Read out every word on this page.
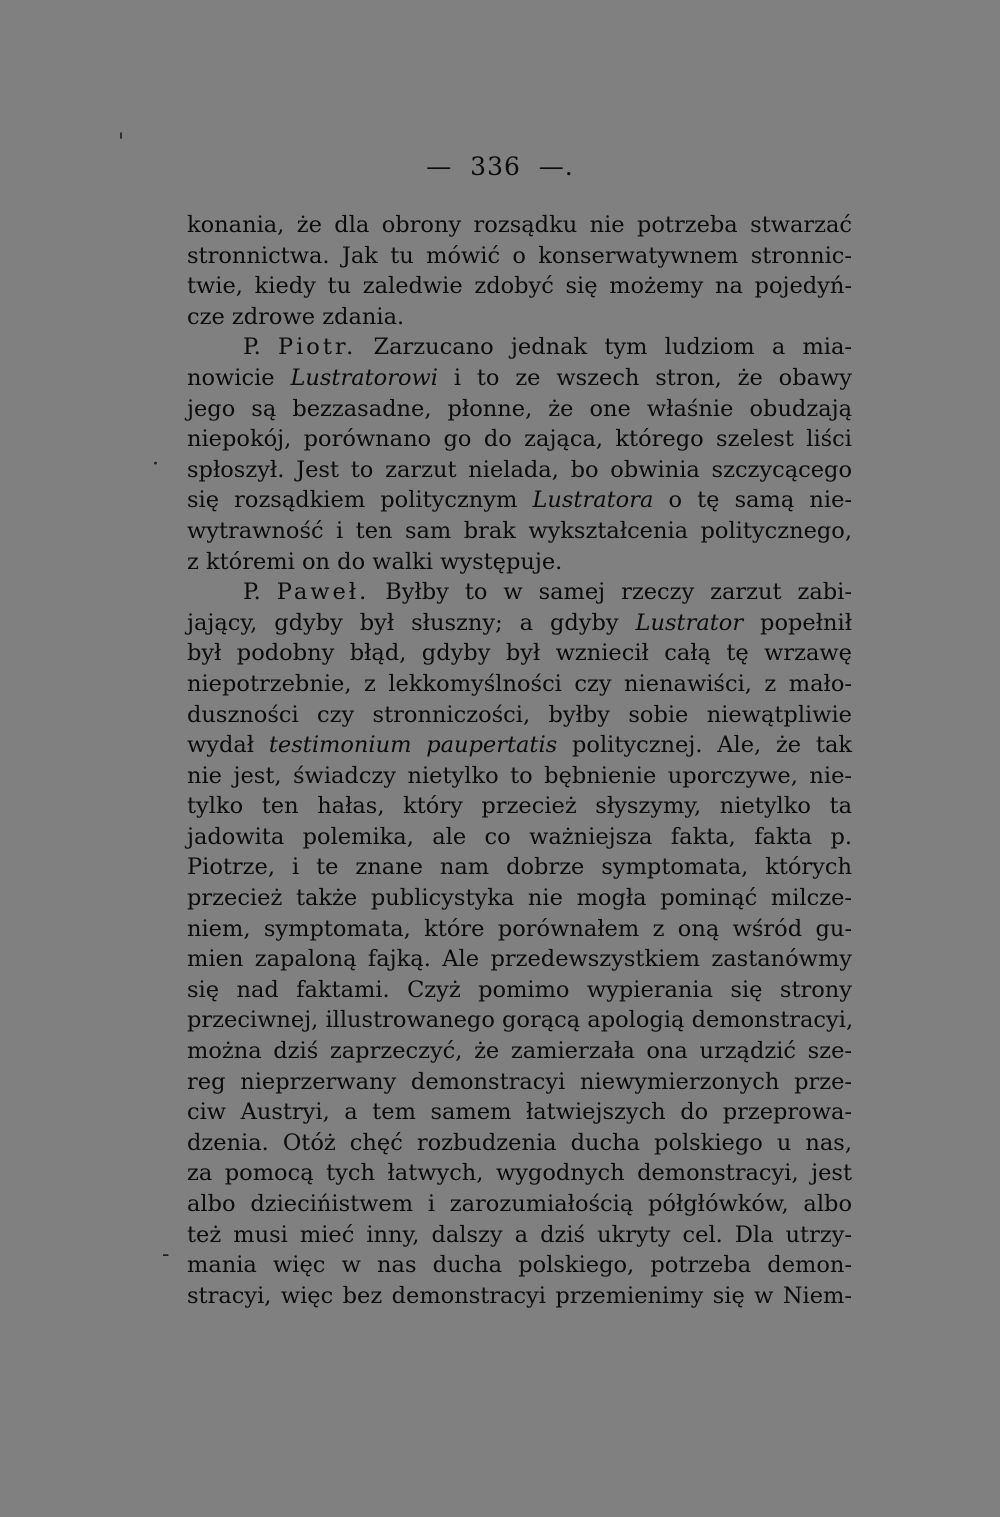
—  336  —.
konania, że dla obrony rozsądku nie potrzeba stwarzać
stronnictwa. Jak tu mówić o konserwatywnem stronnic-
twie, kiedy tu zaledwie zdobyć się możemy na pojedyń-
cze zdrowe zdania.
P. Piotr. Zarzucano jednak tym ludziom a mia-
nowicie Lustratorowi i to ze wszech stron, że obawy
jego są bezzasadne, płonne, że one właśnie obudzają
niepokój, porównano go do zająca, którego szelest liści
spłoszył. Jest to zarzut nielada, bo obwinia szczycącego
się rozsądkiem politycznym Lustratora o tę samą nie-
wytrawność i ten sam brak wykształcenia politycznego,
z któremi on do walki występuje.
P. Paweł. Byłby to w samej rzeczy zarzut zabi-
jający, gdyby był słuszny; a gdyby Lustrator popełnił
był podobny błąd, gdyby był wzniecił całą tę wrzawę
niepotrzebnie, z lekkomyślności czy nienawiści, z mało-
duszności czy stronniczości, byłby sobie niewątpliwie
wydał testimonium paupertatis politycznej. Ale, że tak
nie jest, świadczy nietylko to bębnienie uporczywe, nie-
tylko ten hałas, który przecież słyszymy, nietylko ta
jadowita polemika, ale co ważniejsza fakta, fakta p.
Piotrze, i te znane nam dobrze symptomata, których
przecież także publicystyka nie mogła pominąć milcze-
niem, symptomata, które porównałem z oną wśród gu-
mien zapaloną fajką. Ale przedewszystkiem zastanówmy
się nad faktami. Czyż pomimo wypierania się strony
przeciwnej, illustrowanego gorącą apologią demonstracyi,
można dziś zaprzeczyć, że zamierzała ona urządzić sze-
reg nieprzerwany demonstracyi niewymierzonych prze-
ciw Austryi, a tem samem łatwiejszych do przeprowa-
dzenia. Otóż chęć rozbudzenia ducha polskiego u nas,
za pomocą tych łatwych, wygodnych demonstracyi, jest
albo dziecińistwem i zarozumiałością półgłówków, albo
też musi mieć inny, dalszy a dziś ukryty cel. Dla utrzy-
mania więc w nas ducha polskiego, potrzeba demon-
stracyi, więc bez demonstracyi przemienimy się w Niem-
'
·
-
